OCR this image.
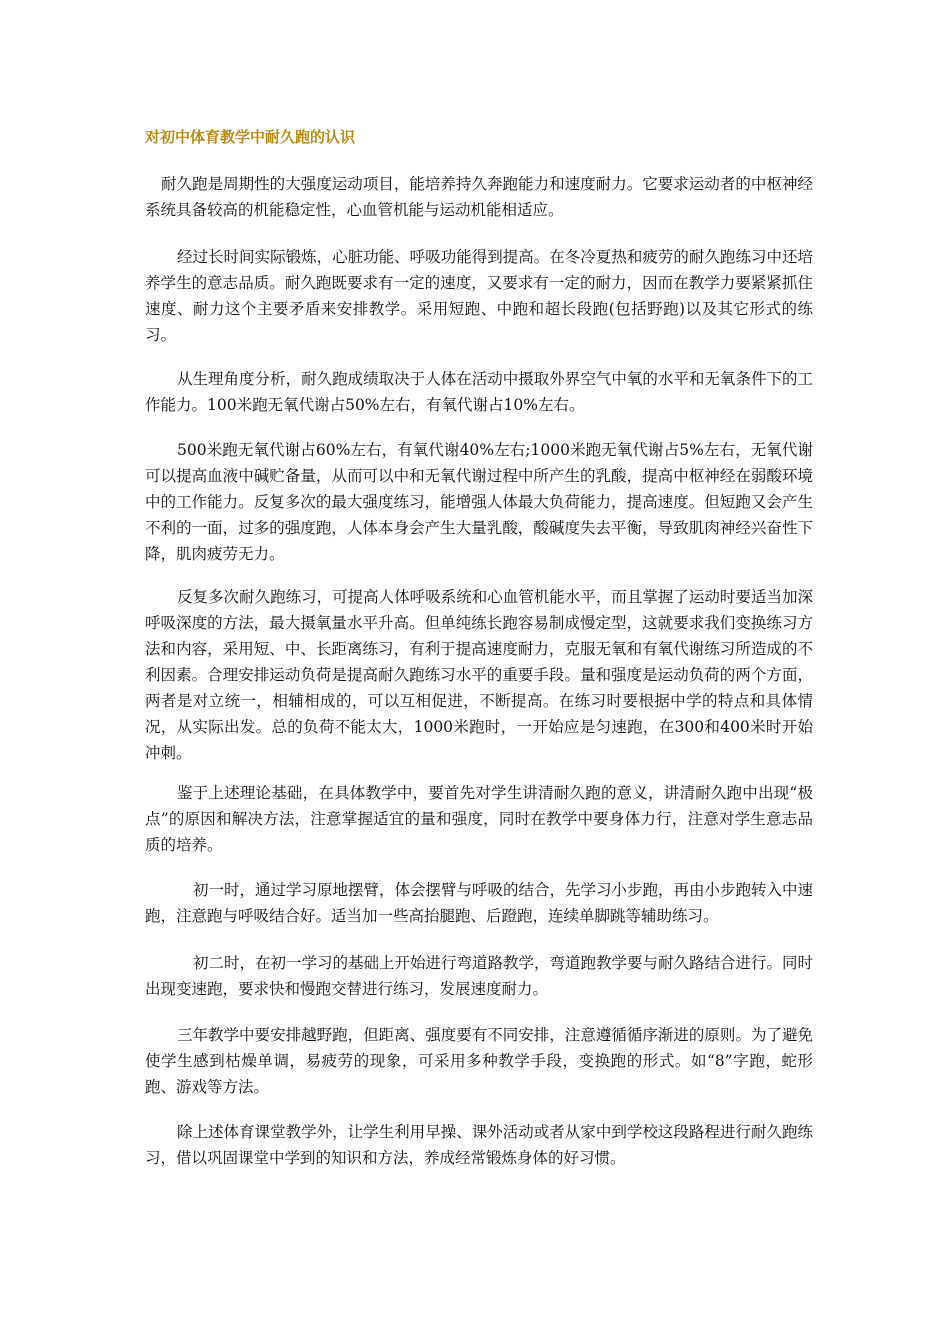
对初中体育教学中耐久跑的认识

耐久跑是周期性的大强度运动项目，能培养持久奔跑能力和速度耐力。它要求运动者的中枢神经系统具备较高的机能稳定性，心血管机能与运动机能相适应。

经过长时间实际锻炼，心脏功能、呼吸功能得到提高。在冬冷夏热和疲劳的耐久跑练习中还培养学生的意志品质。耐久跑既要求有一定的速度，又要求有一定的耐力，因而在教学力要紧紧抓住速度、耐力这个主要矛盾来安排教学。采用短跑、中跑和超长段跑(包括野跑)以及其它形式的练习。

从生理角度分析，耐久跑成绩取决于人体在活动中摄取外界空气中氧的水平和无氧条件下的工作能力。100米跑无氧代谢占50%左右，有氧代谢占10%左右。

500米跑无氧代谢占60%左右，有氧代谢40%左右;1000米跑无氧代谢占5%左右，无氧代谢可以提高血液中碱贮备量，从而可以中和无氧代谢过程中所产生的乳酸，提高中枢神经在弱酸环境中的工作能力。反复多次的最大强度练习，能增强人体最大负荷能力，提高速度。但短跑又会产生不利的一面，过多的强度跑，人体本身会产生大量乳酸，酸碱度失去平衡，导致肌肉神经兴奋性下降，肌肉疲劳无力。

反复多次耐久跑练习，可提高人体呼吸系统和心血管机能水平，而且掌握了运动时要适当加深呼吸深度的方法，最大摄氧量水平升高。但单纯练长跑容易制成慢定型，这就要求我们变换练习方法和内容，采用短、中、长距离练习，有利于提高速度耐力，克服无氧和有氧代谢练习所造成的不利因素。合理安排运动负荷是提高耐久跑练习水平的重要手段。量和强度是运动负荷的两个方面，两者是对立统一，相辅相成的，可以互相促进，不断提高。在练习时要根据中学的特点和具体情况，从实际出发。总的负荷不能太大，1000米跑时，一开始应是匀速跑，在300和400米时开始冲刺。

鉴于上述理论基础，在具体教学中，要首先对学生讲清耐久跑的意义，讲清耐久跑中出现“极点”的原因和解决方法，注意掌握适宜的量和强度，同时在教学中要身体力行，注意对学生意志品质的培养。

初一时，通过学习原地摆臂，体会摆臂与呼吸的结合，先学习小步跑，再由小步跑转入中速跑，注意跑与呼吸结合好。适当加一些高抬腿跑、后蹬跑，连续单脚跳等辅助练习。

初二时，在初一学习的基础上开始进行弯道路教学，弯道跑教学要与耐久路结合进行。同时出现变速跑，要求快和慢跑交替进行练习，发展速度耐力。

三年教学中要安排越野跑，但距离、强度要有不同安排，注意遵循循序渐进的原则。为了避免使学生感到枯燥单调，易疲劳的现象，可采用多种教学手段，变换跑的形式。如“8”字跑，蛇形跑、游戏等方法。

除上述体育课堂教学外，让学生利用早操、课外活动或者从家中到学校这段路程进行耐久跑练习，借以巩固课堂中学到的知识和方法，养成经常锻炼身体的好习惯。
